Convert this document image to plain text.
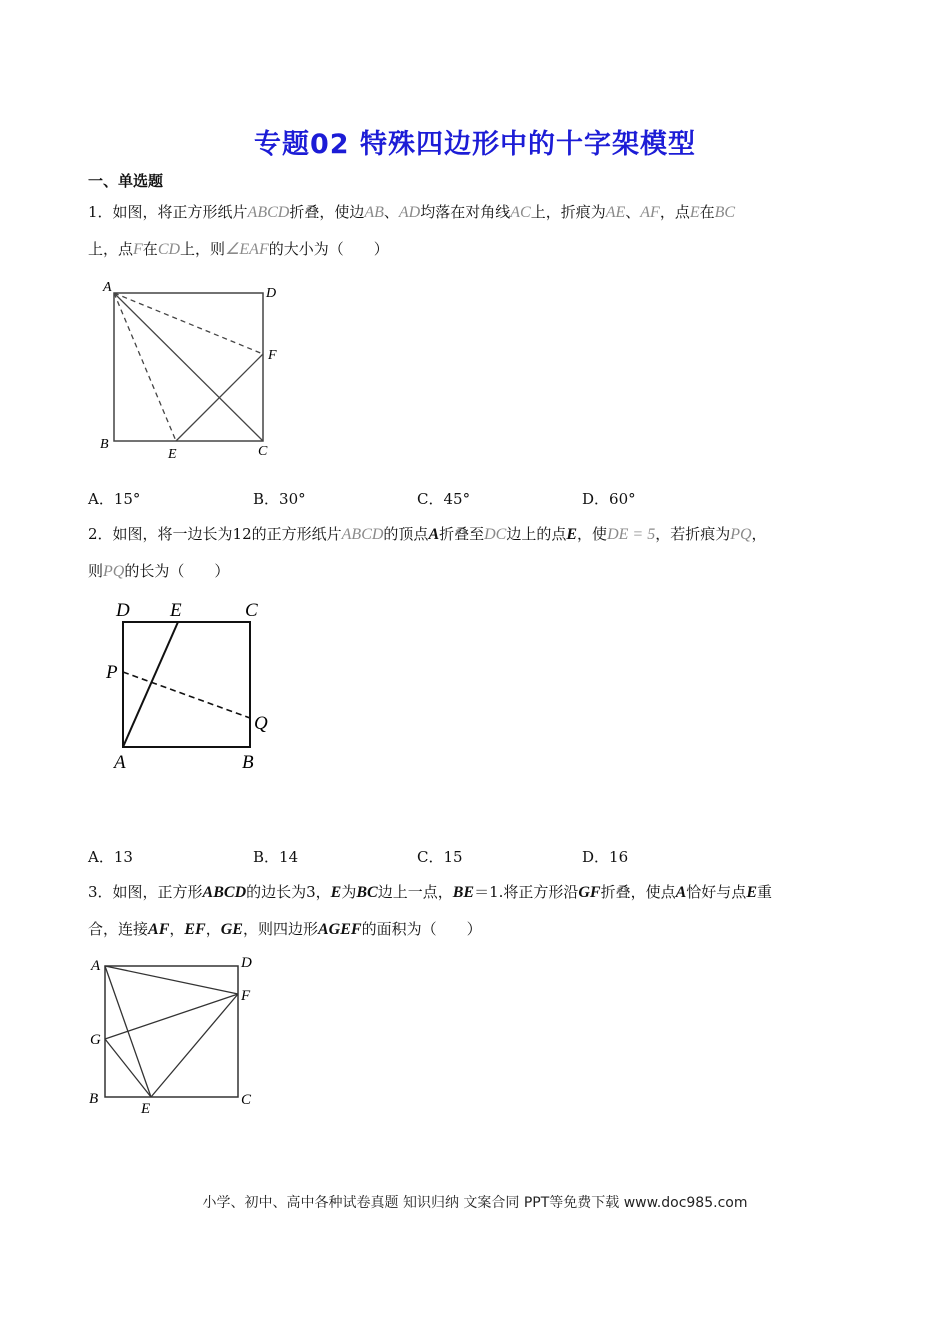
专题02 特殊四边形中的十字架模型
一、单选题
1．如图，将正方形纸片ABCD折叠，使边AB、AD均落在对角线AC上，折痕为AE、AF，点E在BC
上，点F在CD上，则∠EAF的大小为（　　）
A	D
F
B
E	C
A．15°	B．30°	C．45°	D．60°
2．如图，将一边长为12的正方形纸片ABCD的顶点A折叠至DC边上的点E，使DE = 5，若折痕为PQ，
则PQ的长为（　　）
D E	C
P
Q
A	B
A．13	B．14	C．15	D．16
3．如图，正方形ABCD的边长为3，E为BC边上一点，BE＝1.将正方形沿GF折叠，使点A恰好与点E重
合，连接AF，EF，GE，则四边形AGEF的面积为（　　）
A	D
F
G
B
E
C
小学、初中、高中各种试卷真题 知识归纳 文案合同 PPT等免费下载 www.doc985.com
